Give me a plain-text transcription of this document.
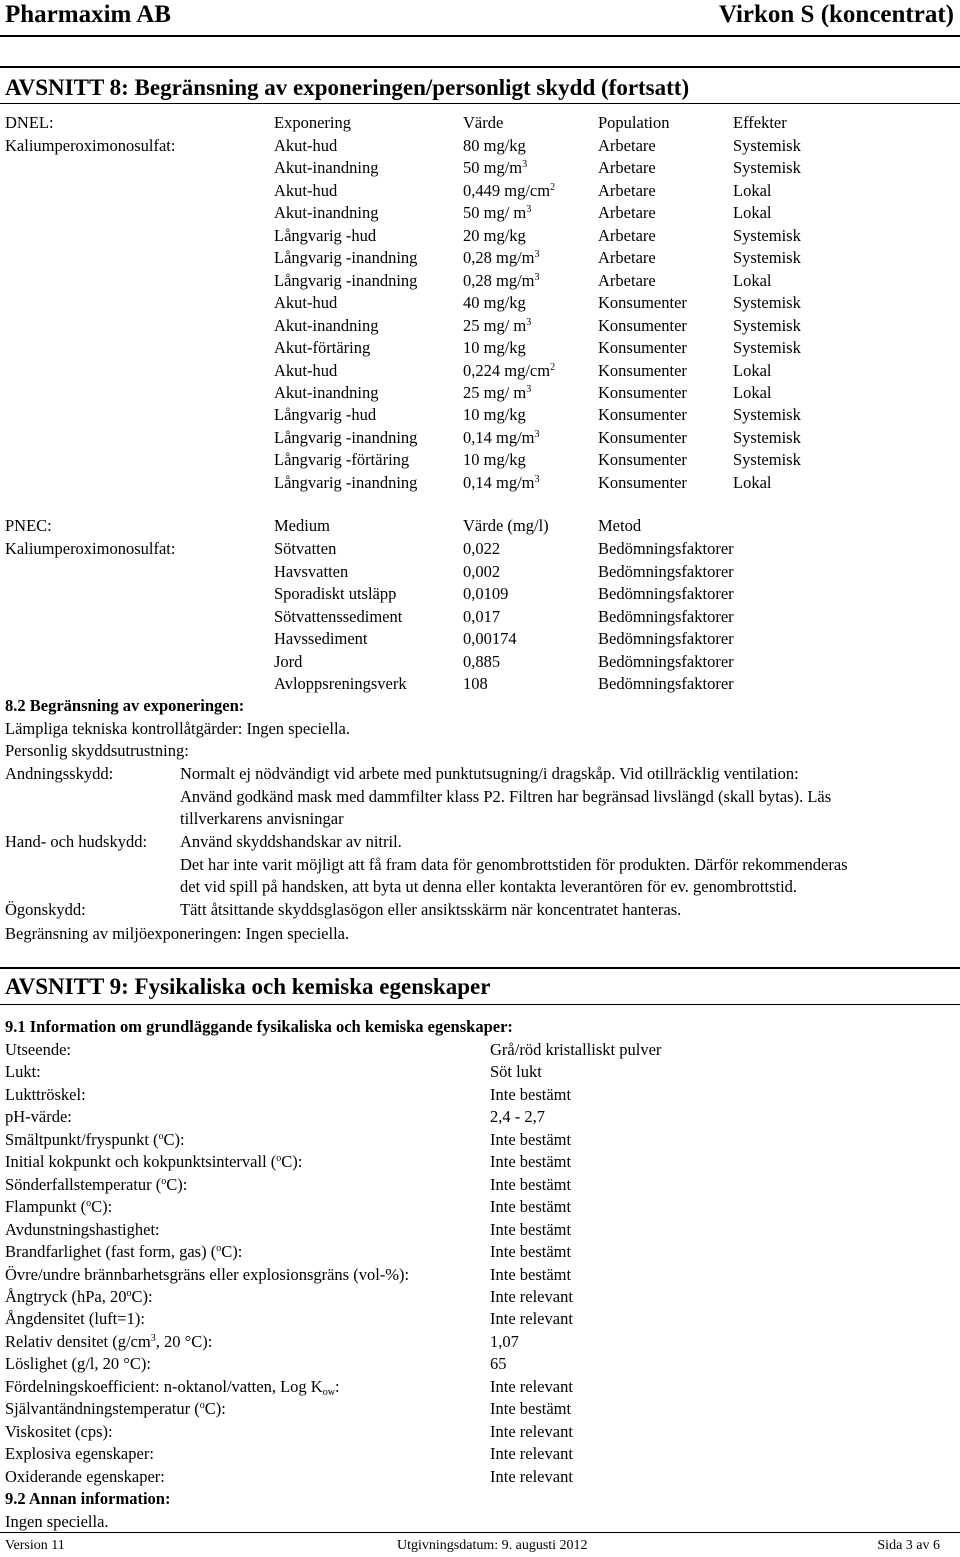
Pharmaxim AB	Virkon S (koncentrat)
AVSNITT 8: Begränsning av exponeringen/personligt skydd (fortsatt)
DNEL:
Kaliumperoximonosulfat:
Exponering	Värde	Population	Effekter
Akut-hud	80 mg/kg	Arbetare	Systemisk
Akut-inandning	50 $mg/m^3$	Arbetare	Systemisk
Akut-hud	0,449 $mg/cm^2$	Arbetare	Lokal
Akut-inandning	50 mg/ $m^3$	Arbetare	Lokal
Långvarig -hud	20 mg/kg	Arbetare	Systemisk
Långvarig -inandning	0,28 $mg/m^3$	Arbetare	Systemisk
Långvarig -inandning	0,28 $mg/m^3$	Arbetare	Lokal
Akut-hud	40 mg/kg	Konsumenter	Systemisk
Akut-inandning	25 mg/ $m^3$	Konsumenter	Systemisk
Akut-förtäring	10 mg/kg	Konsumenter	Systemisk
Akut-hud	0,224 $mg/cm^2$	Konsumenter	Lokal
Akut-inandning	25 mg/ $m^3$	Konsumenter	Lokal
Långvarig -hud	10 mg/kg	Konsumenter	Systemisk
Långvarig -inandning	0,14 $mg/m^3$	Konsumenter	Systemisk
Långvarig -förtäring	10 mg/kg	Konsumenter	Systemisk
Långvarig -inandning	0,14 $mg/m^3$	Konsumenter	Lokal
PNEC:
Kaliumperoximonosulfat:
Medium	Värde (mg/l)	Metod
Sötvatten	0,022	Bedömningsfaktorer
Havsvatten	0,002	Bedömningsfaktorer
Sporadiskt utsläpp	0,0109	Bedömningsfaktorer
Sötvattenssediment	0,017	Bedömningsfaktorer
Havssediment	0,00174	Bedömningsfaktorer
Jord	0,885	Bedömningsfaktorer
Avloppsreningsverk	108	Bedömningsfaktorer
8.2 Begränsning av exponeringen:
Lämpliga tekniska kontrollåtgärder: Ingen speciella.
Personlig skyddsutrustning:
Andningsskydd:	Normalt ej nödvändigt vid arbete med punktutsugning/i dragskåp. Vid otillräcklig ventilation:
Använd godkänd mask med dammfilter klass P2. Filtren har begränsad livslängd (skall bytas). Läs
tillverkarens anvisningar
Hand- och hudskydd: Använd skyddshandskar av nitril.
Det har inte varit möjligt att få fram data för genombrottstiden för produkten. Därför rekommenderas
det vid spill på handsken, att byta ut denna eller kontakta leverantören för ev. genombrottstid.
Ögonskydd:	Tätt åtsittande skyddsglasögon eller ansiktsskärm när koncentratet hanteras.
Begränsning av miljöexponeringen: Ingen speciella.
AVSNITT 9: Fysikaliska och kemiska egenskaper
9.1 Information om grundläggande fysikaliska och kemiska egenskaper:
Utseende:	Grå/röd kristalliskt pulver
Lukt:	Söt lukt
Lukttröskel:	Inte bestämt
pH-värde:	2,4 - 2,7
Smältpunkt/fryspunkt ($^o$C):	Inte bestämt
Initial kokpunkt och kokpunktsintervall ($^o$C):	Inte bestämt
Sönderfallstemperatur ($^o$C):	Inte bestämt
Flampunkt ($^o$C):	Inte bestämt
Avdunstningshastighet:	Inte bestämt
Brandfarlighet (fast form, gas) ($^o$C):	Inte bestämt
Övre/undre brännbarhetsgräns eller explosionsgräns (vol-%):	Inte bestämt
Ångtryck (hPa, 20$^o$C):	Inte relevant
Ångdensitet (luft=1):	Inte relevant
Relativ densitet ($g/cm^3$, 20 °C):	1,07
Löslighet (g/l, 20 °C):	65
Fördelningskoefficient: n-oktanol/vatten, Log $K_{ow}$:	Inte relevant
Självantändningstemperatur ($^o$C):	Inte bestämt
Viskositet (cps):	Inte relevant
Explosiva egenskaper:	Inte relevant
Oxiderande egenskaper:	Inte relevant
9.2 Annan information:
Ingen speciella.
Version 11	Utgivningsdatum: 9. augusti 2012	Sida 3 av 6
